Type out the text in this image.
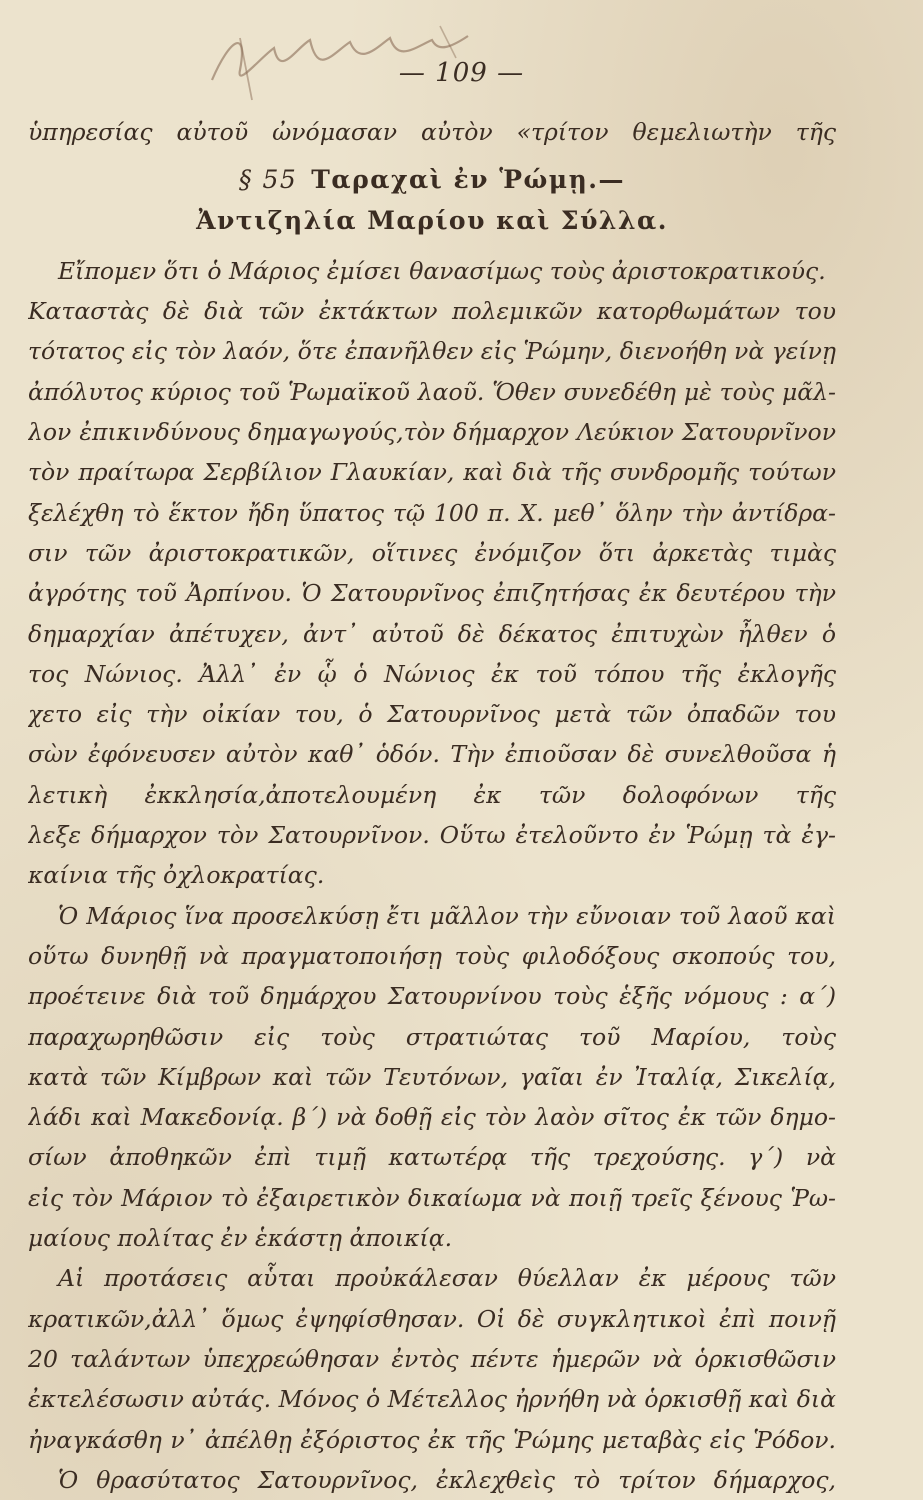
— 109 —
ὑπηρεσίας αὐτοῦ ὠνόμασαν αὐτὸν «τρίτον θεμελιωτὴν τῆς
§ 55 Ταραχαὶ ἐν Ῥώμῃ.—
Ἀντιζηλία Μαρίου καὶ Σύλλα.
Εἴπομεν ὅτι ὁ Μάριος ἐμίσει θανασίμως τοὺς ἀριστοκρατικούς.
Καταστὰς δὲ διὰ τῶν ἐκτάκτων πολεμικῶν κατορθωμάτων του
τότατος εἰς τὸν λαόν, ὅτε ἐπανῆλθεν εἰς Ῥώμην, διενοήθη νὰ γείνῃ
ἀπόλυτος κύριος τοῦ Ῥωμαϊκοῦ λαοῦ. Ὅθεν συνεδέθη μὲ τοὺς μᾶλ-
λον ἐπικινδύνους δημαγωγούς,τὸν δήμαρχον Λεύκιον Σατουρνῖνον
τὸν πραίτωρα Σερβίλιον Γλαυκίαν, καὶ διὰ τῆς συνδρομῆς τούτων
ξελέχθη τὸ ἕκτον ἤδη ὕπατος τῷ 100 π. Χ. μεθ᾽ ὅλην τὴν ἀντίδρα-
σιν τῶν ἀριστοκρατικῶν, οἵτινες ἐνόμιζον ὅτι ἀρκετὰς τιμὰς
ἀγρότης τοῦ Ἀρπίνου. Ὁ Σατουρνῖνος ἐπιζητήσας ἐκ δευτέρου τὴν
δημαρχίαν ἀπέτυχεν, ἀντ᾽ αὐτοῦ δὲ δέκατος ἐπιτυχὼν ἦλθεν ὁ
τος Νώνιος. Ἀλλ᾽ ἐν ᾧ ὁ Νώνιος ἐκ τοῦ τόπου τῆς ἐκλογῆς
χετο εἰς τὴν οἰκίαν του, ὁ Σατουρνῖνος μετὰ τῶν ὀπαδῶν του
σὼν ἐφόνευσεν αὐτὸν καθ᾽ ὁδόν. Τὴν ἐπιοῦσαν δὲ συνελθοῦσα ἡ
λετικὴ ἐκκλησία,ἀποτελουμένη ἐκ τῶν δολοφόνων τῆς
λεξε δήμαρχον τὸν Σατουρνῖνον. Οὕτω ἐτελοῦντο ἐν Ῥώμῃ τὰ ἐγ-
καίνια τῆς ὀχλοκρατίας.
Ὁ Μάριος ἵνα προσελκύσῃ ἔτι μᾶλλον τὴν εὔνοιαν τοῦ λαοῦ καὶ
οὕτω δυνηθῇ νὰ πραγματοποιήσῃ τοὺς φιλοδόξους σκοπούς του,
προέτεινε διὰ τοῦ δημάρχου Σατουρνίνου τοὺς ἑξῆς νόμους : α΄)
παραχωρηθῶσιν εἰς τοὺς στρατιώτας τοῦ Μαρίου, τοὺς
κατὰ τῶν Κίμβρων καὶ τῶν Τευτόνων, γαῖαι ἐν Ἰταλίᾳ, Σικελίᾳ,
λάδι καὶ Μακεδονίᾳ. β΄) νὰ δοθῇ εἰς τὸν λαὸν σῖτος ἐκ τῶν δημο-
σίων ἀποθηκῶν ἐπὶ τιμῇ κατωτέρᾳ τῆς τρεχούσης. γ΄) νὰ
εἰς τὸν Μάριον τὸ ἐξαιρετικὸν δικαίωμα νὰ ποιῇ τρεῖς ξένους Ῥω-
μαίους πολίτας ἐν ἑκάστῃ ἀποικίᾳ.
Αἱ προτάσεις αὗται προὐκάλεσαν θύελλαν ἐκ μέρους τῶν
κρατικῶν,ἀλλ᾽ ὅμως ἐψηφίσθησαν. Οἱ δὲ συγκλητικοὶ ἐπὶ ποινῇ
20 ταλάντων ὑπεχρεώθησαν ἐντὸς πέντε ἡμερῶν νὰ ὁρκισθῶσιν
ἐκτελέσωσιν αὐτάς. Μόνος ὁ Μέτελλος ἠρνήθη νὰ ὁρκισθῇ καὶ διὰ
ἠναγκάσθη ν᾽ ἀπέλθῃ ἐξόριστος ἐκ τῆς Ῥώμης μεταβὰς εἰς Ῥόδον.
Ὁ θρασύτατος Σατουρνῖνος, ἐκλεχθεὶς τὸ τρίτον δήμαρχος,
